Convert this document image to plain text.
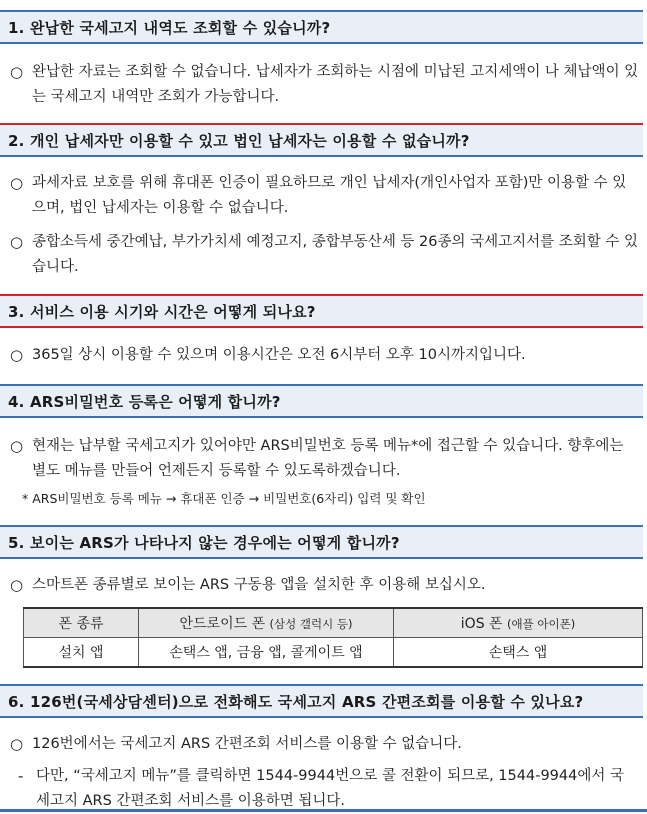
1. 완납한 국세고지 내역도 조회할 수 있습니까?
○ 완납한 자료는 조회할 수 없습니다. 납세자가 조회하는 시점에 미납된 고지세액이 나 체납액이 있는 국세고지 내역만 조회가 가능합니다.
2. 개인 납세자만 이용할 수 있고 법인 납세자는 이용할 수 없습니까?
○ 과세자료 보호를 위해 휴대폰 인증이 필요하므로 개인 납세자(개인사업자 포함)만 이용할 수 있으며, 법인 납세자는 이용할 수 없습니다.
○ 종합소득세 중간예납, 부가가치세 예정고지, 종합부동산세 등 26종의 국세고지서를 조회할 수 있습니다.
3. 서비스 이용 시기와 시간은 어떻게 되나요?
○ 365일 상시 이용할 수 있으며 이용시간은 오전 6시부터 오후 10시까지입니다.
4. ARS비밀번호 등록은 어떻게 합니까?
○ 현재는 납부할 국세고지가 있어야만 ARS비밀번호 등록 메뉴*에 접근할 수 있습니다. 향후에는 별도 메뉴를 만들어 언제든지 등록할 수 있도록하겠습니다.
* ARS비밀번호 등록 메뉴 → 휴대폰 인증 → 비밀번호(6자리) 입력 및 확인
5. 보이는 ARS가 나타나지 않는 경우에는 어떻게 합니까?
○ 스마트폰 종류별로 보이는 ARS 구동용 앱을 설치한 후 이용해 보십시오.
폰 종류	안드로이드 폰 (삼성 갤럭시 등)	iOS 폰 (애플 아이폰)
설치 앱	손택스 앱, 금융 앱, 콜게이트 앱	손택스 앱
6. 126번(국세상담센터)으로 전화해도 국세고지 ARS 간편조회를 이용할 수 있나요?
○ 126번에서는 국세고지 ARS 간편조회 서비스를 이용할 수 없습니다.
- 다만, “국세고지 메뉴”를 클릭하면 1544-9944번으로 콜 전환이 되므로, 1544-9944에서 국세고지 ARS 간편조회 서비스를 이용하면 됩니다.
